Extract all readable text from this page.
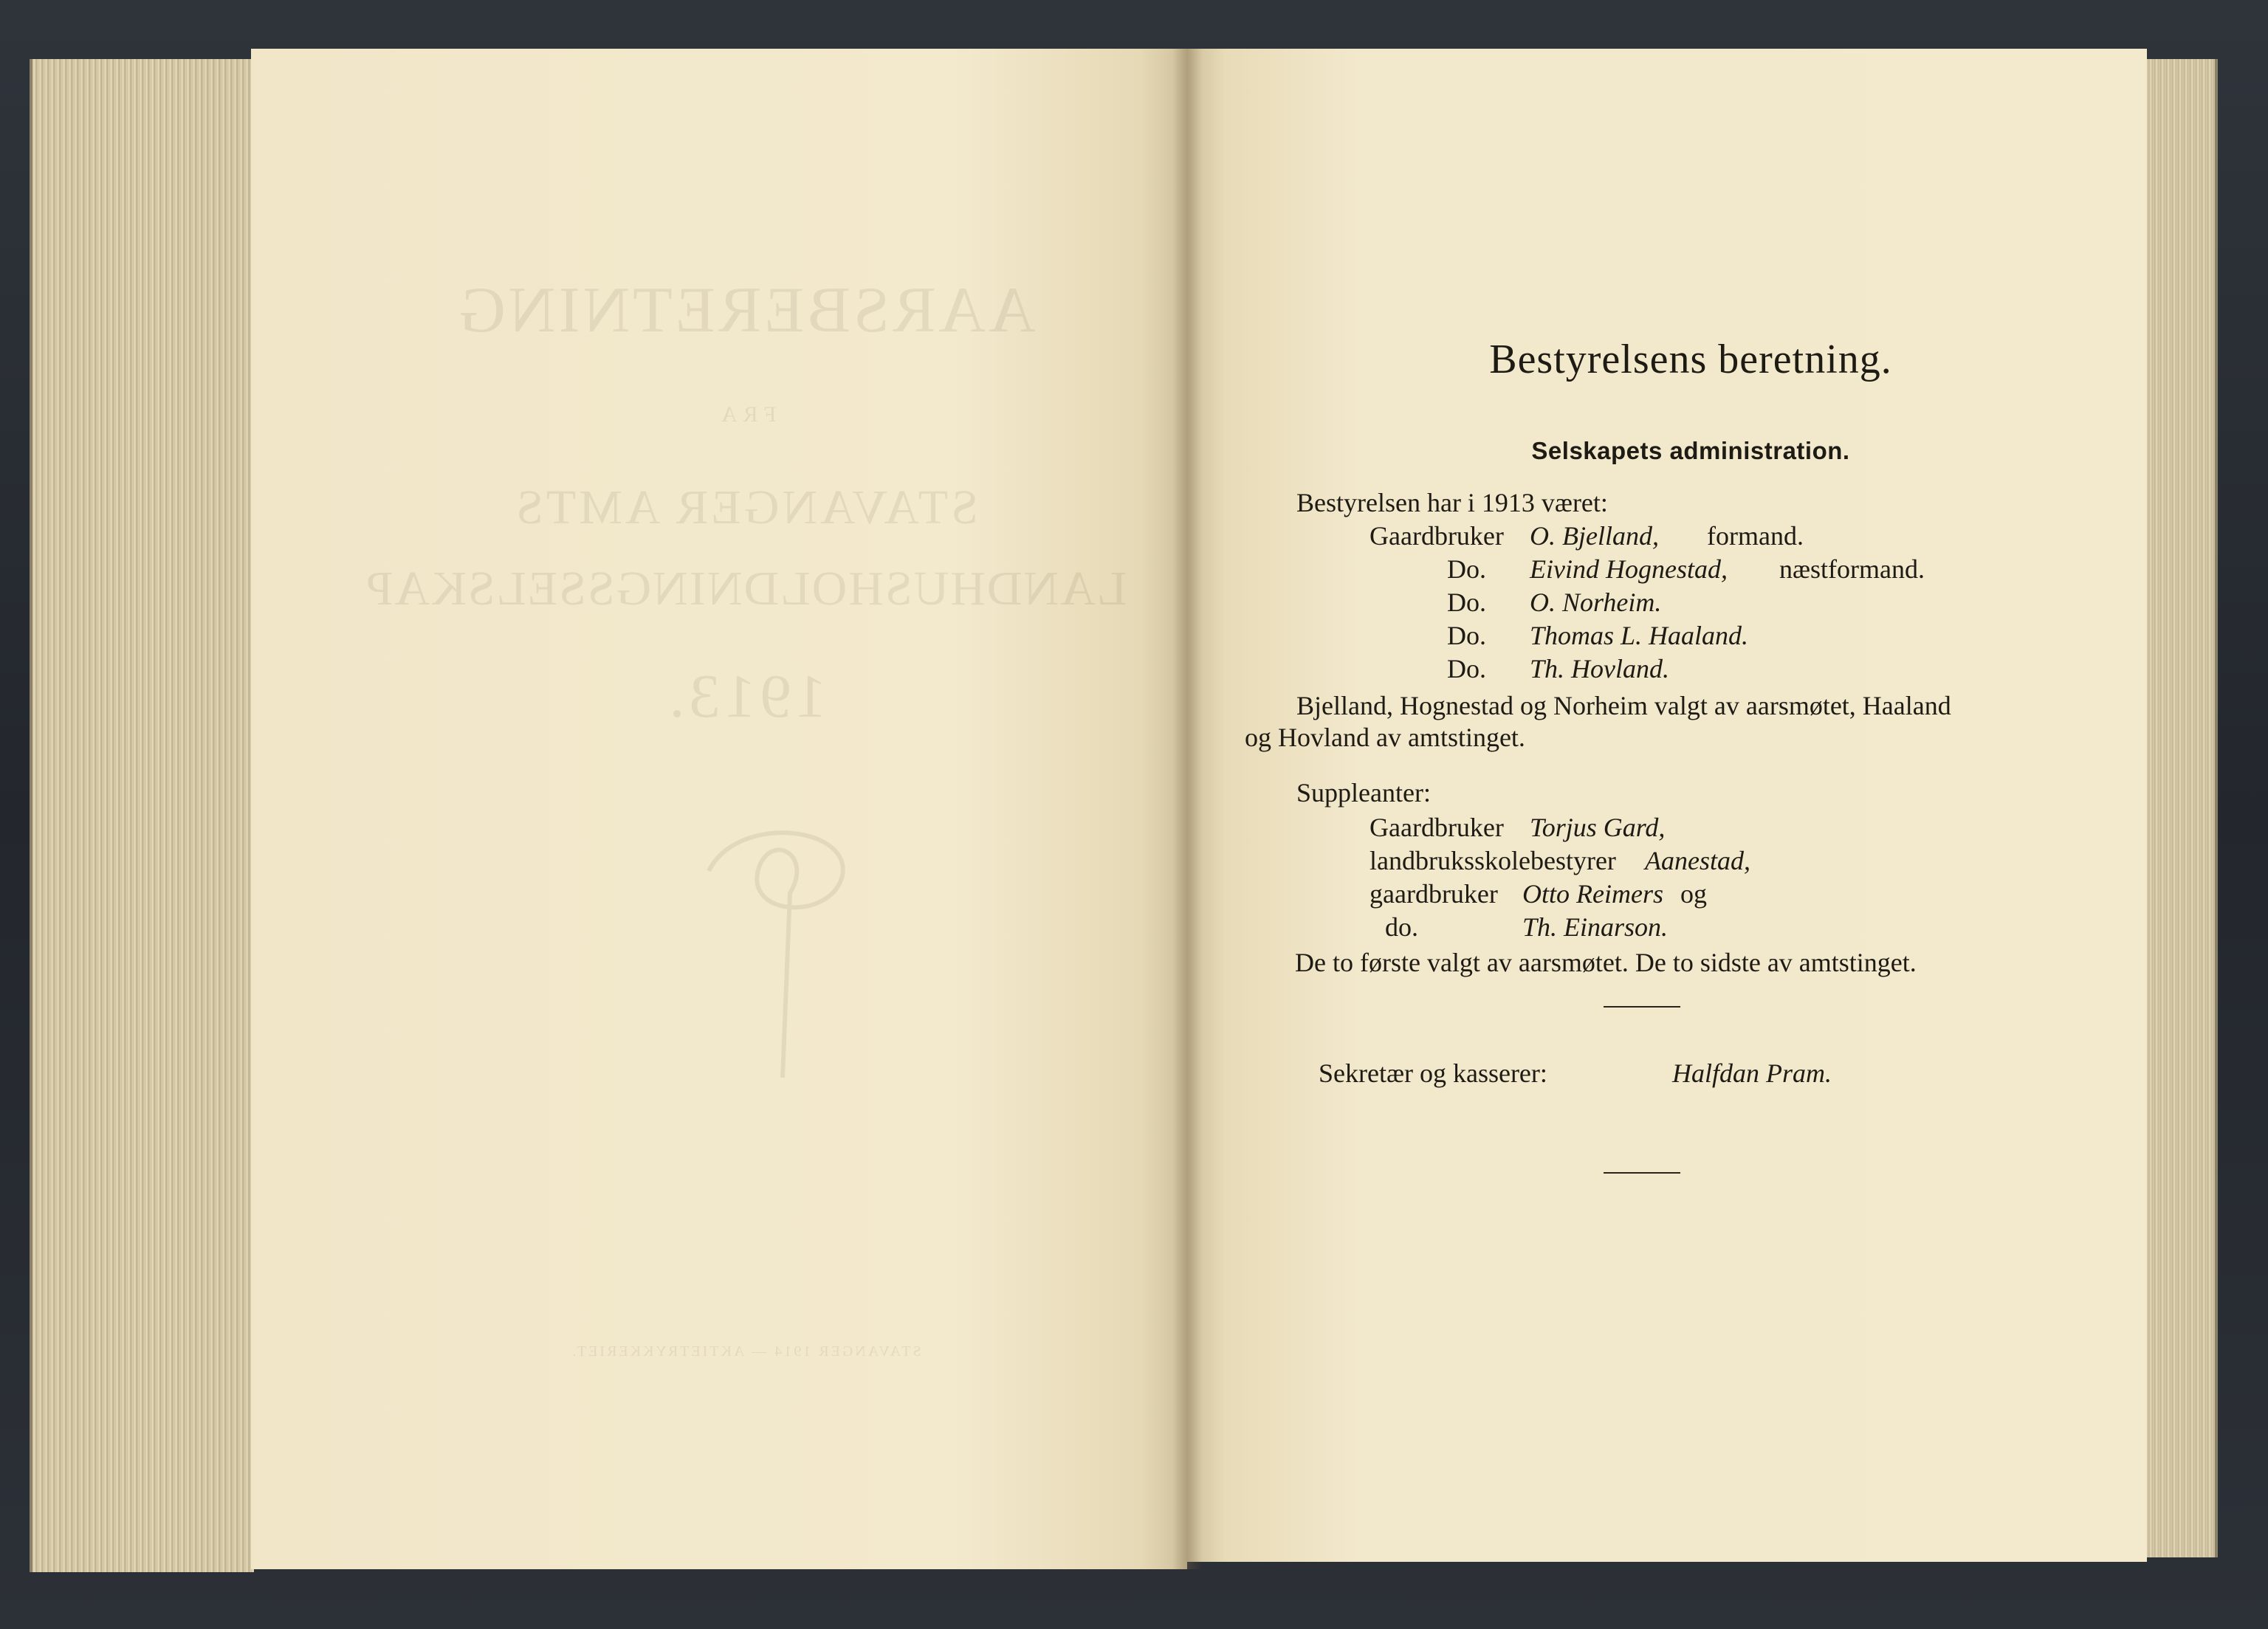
AARSBERETNING
FRA
STAVANGER AMTS
LANDHUSHOLDNINGSSELSKAP
1913.
STAVANGER 1914 — AKTIETRYKKERIET.
Bestyrelsens beretning.
Selskapets administration.
Bestyrelsen har i 1913 været:
Gaardbruker O. Bjelland, formand.
Do. Eivind Hognestad, næstformand.
Do. O. Norheim.
Do. Thomas L. Haaland.
Do. Th. Hovland.
Bjelland, Hognestad og Norheim valgt av aarsmøtet, Haaland
og Hovland av amtstinget.
Suppleanter:
Gaardbruker Torjus Gard,
landbruksskolebestyrer Aanestad,
gaardbruker Otto Reimers og
do.	Th. Einarson.
De to første valgt av aarsmøtet. De to sidste av amtstinget.
Sekretær og kasserer:	Halfdan Pram.
